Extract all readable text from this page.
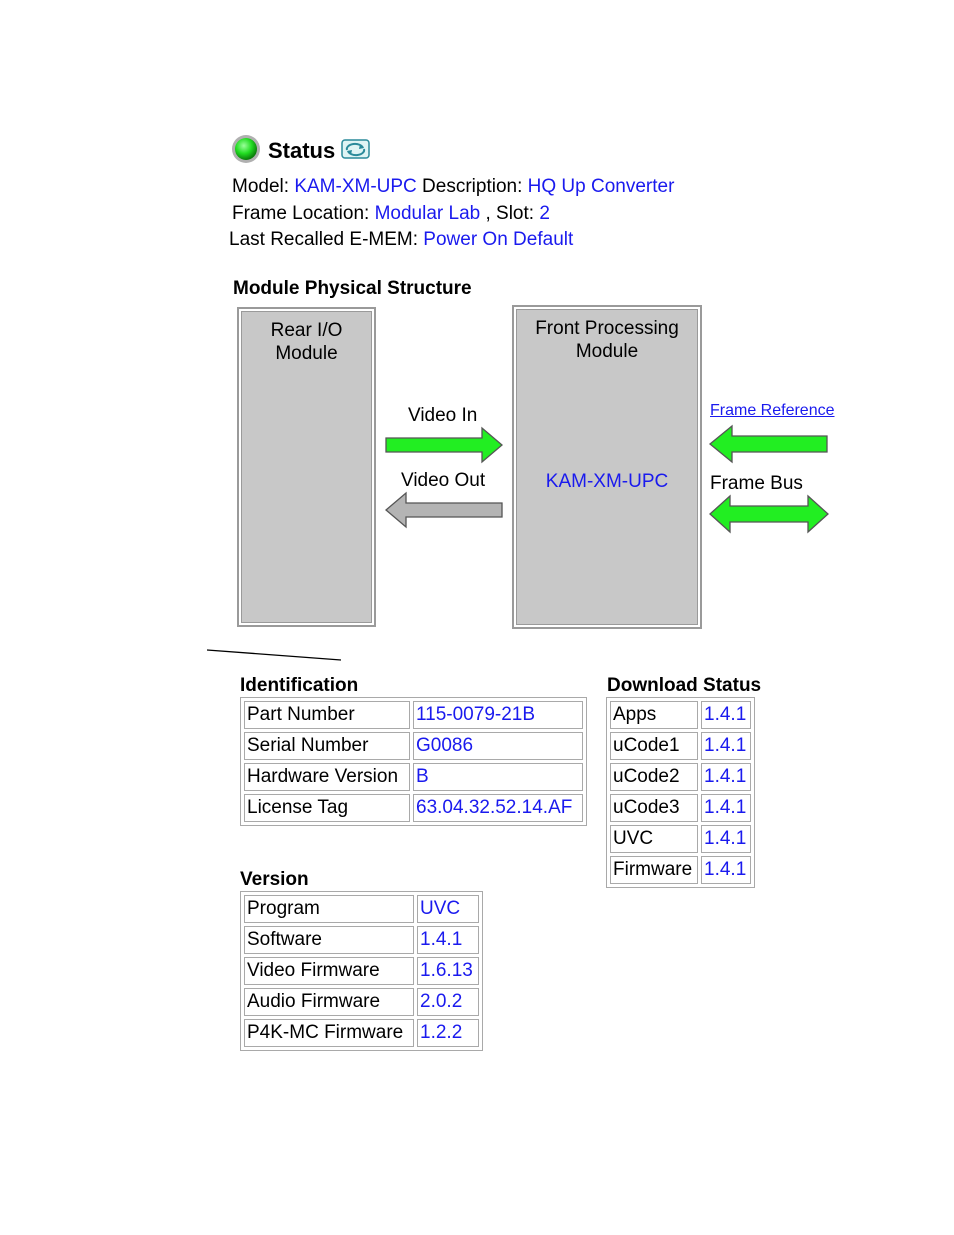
Status
Model: KAM-XM-UPC Description: HQ Up Converter
Frame Location: Modular Lab , Slot: 2
Last Recalled E-MEM: Power On Default
Module Physical Structure
Rear I/O
Module
Front Processing
Module
KAM-XM-UPC
Video In
Video Out
Frame Reference
Frame Bus
Identification
Part Number	115-0079-21B
Serial Number	G0086
Hardware Version	B
License Tag	63.04.32.52.14.AF
Download Status
Apps	1.4.1
uCode1	1.4.1
uCode2	1.4.1
uCode3	1.4.1
UVC	1.4.1
Firmware	1.4.1
Version
Program	UVC
Software	1.4.1
Video Firmware	1.6.13
Audio Firmware	2.0.2
P4K-MC Firmware	1.2.2
